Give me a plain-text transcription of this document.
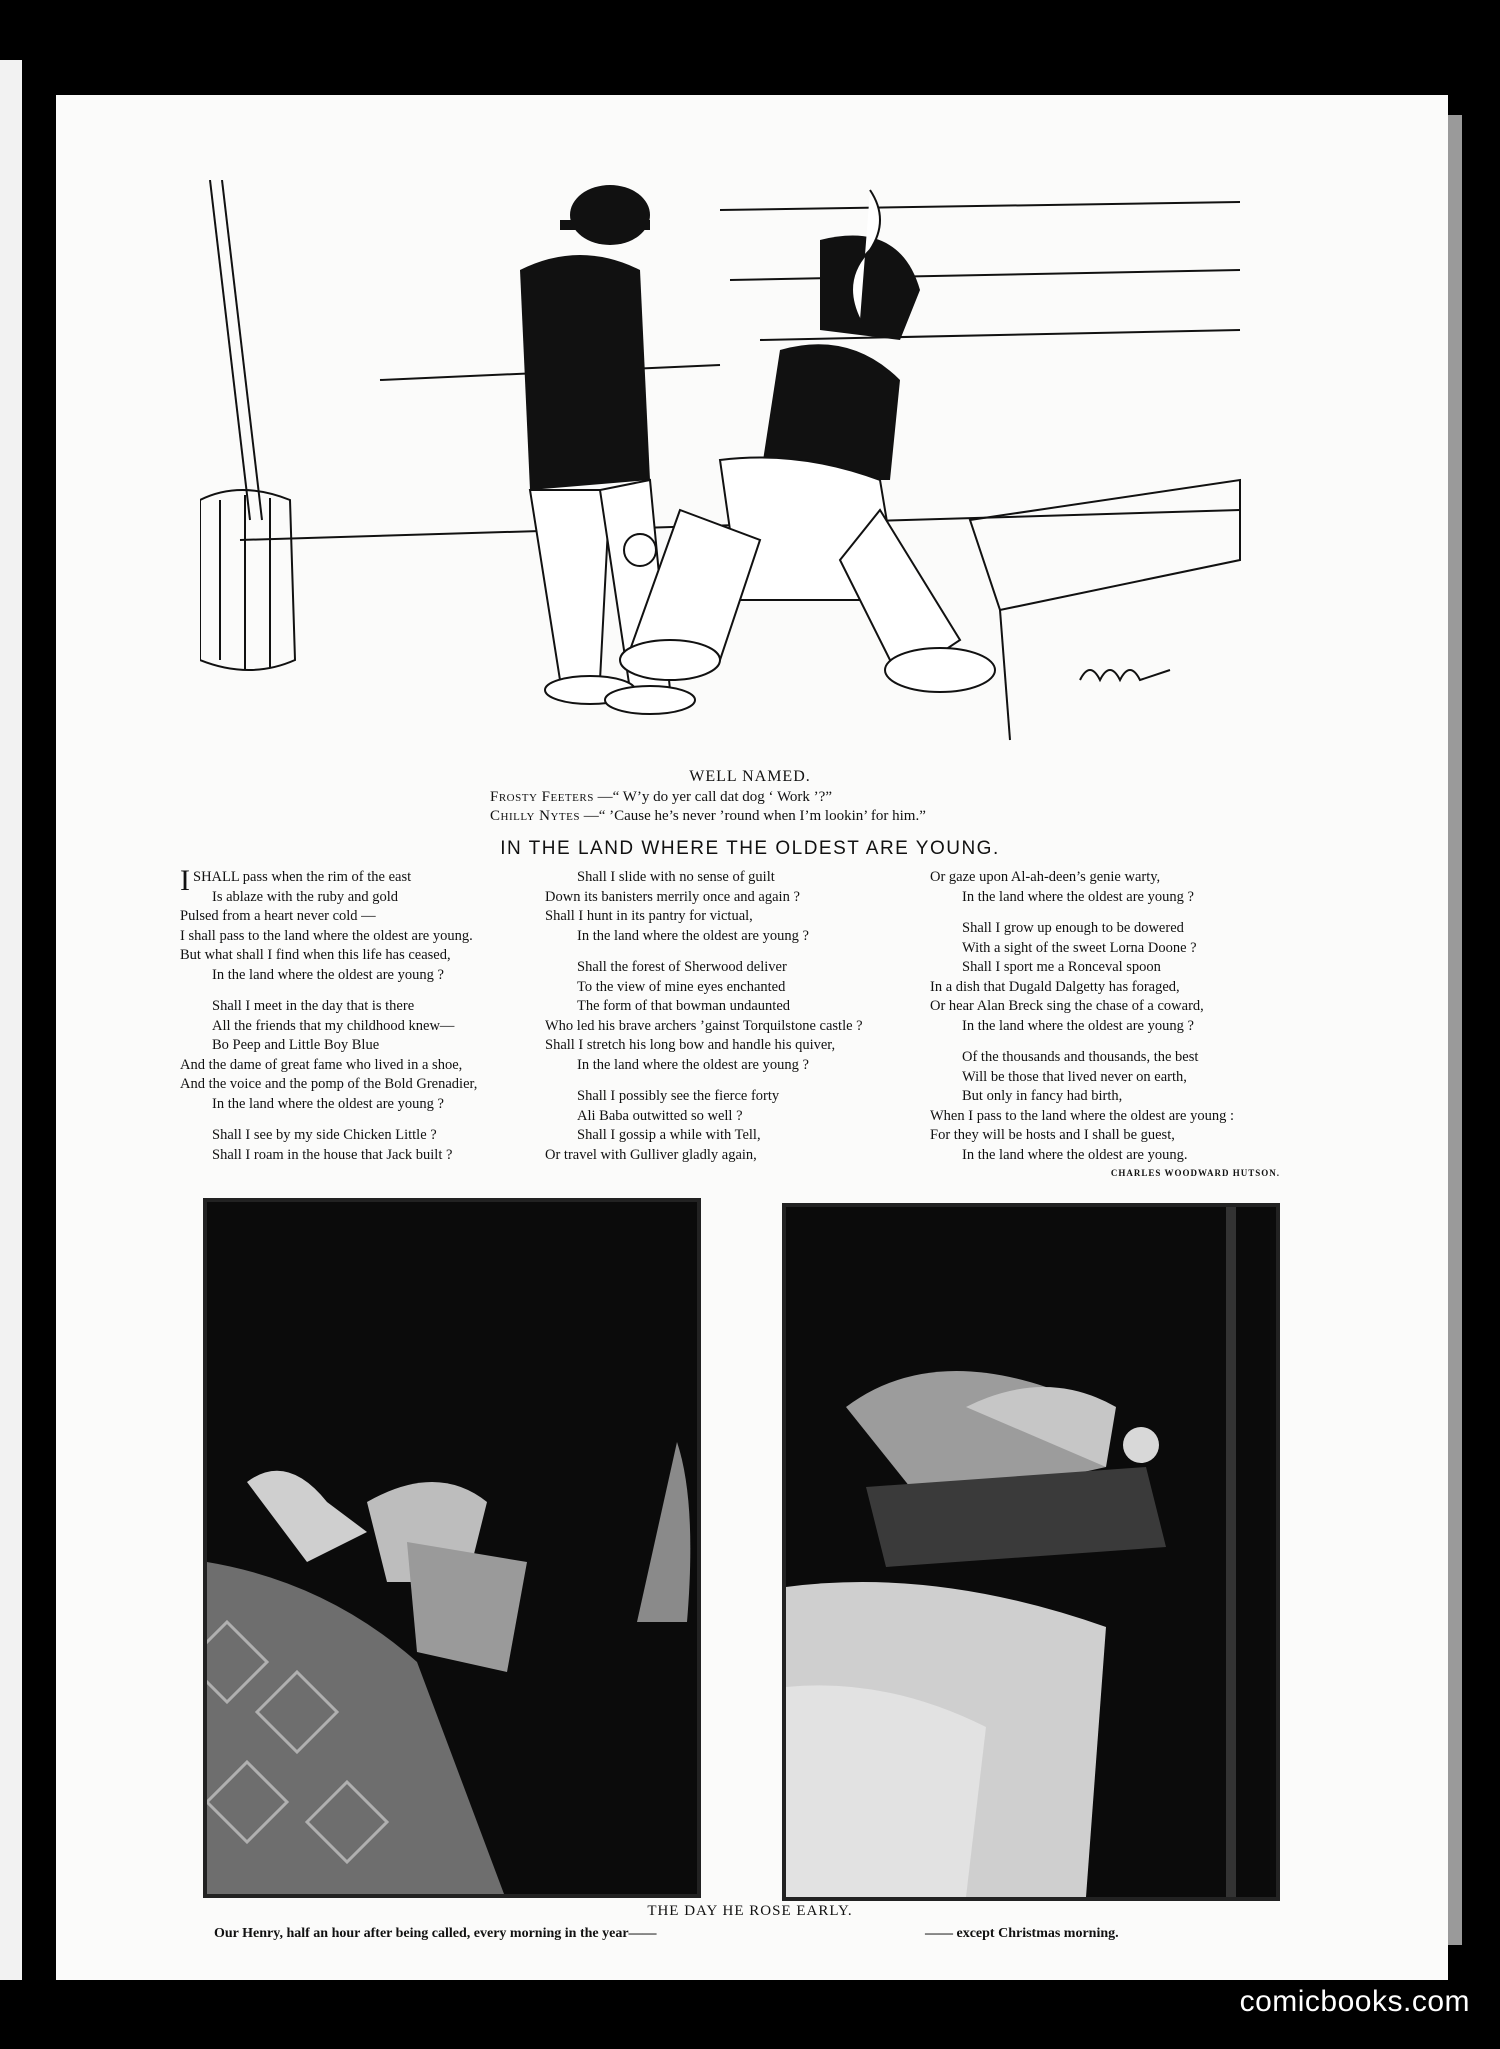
WELL NAMED.
Frosty Feeters —“ W’y do yer call dat dog ‘ Work ’?”
Chilly Nytes —“ ’Cause he’s never ’round when I’m lookin’ for him.”
IN THE LAND WHERE THE OLDEST ARE YOUNG.
ISHALL pass when the rim of the east
Is ablaze with the ruby and gold
Pulsed from a heart never cold —
I shall pass to the land where the oldest are young.
But what shall I find when this life has ceased,
In the land where the oldest are young ?
Shall I meet in the day that is there
All the friends that my childhood knew—
Bo Peep and Little Boy Blue
And the dame of great fame who lived in a shoe,
And the voice and the pomp of the Bold Grenadier,
In the land where the oldest are young ?
Shall I see by my side Chicken Little ?
Shall I roam in the house that Jack built ?
Shall I slide with no sense of guilt
Down its banisters merrily once and again ?
Shall I hunt in its pantry for victual,
In the land where the oldest are young ?
Shall the forest of Sherwood deliver
To the view of mine eyes enchanted
The form of that bowman undaunted
Who led his brave archers ’gainst Torquilstone castle ?
Shall I stretch his long bow and handle his quiver,
In the land where the oldest are young ?
Shall I possibly see the fierce forty
Ali Baba outwitted so well ?
Shall I gossip a while with Tell,
Or travel with Gulliver gladly again,
Or gaze upon Al-ah-deen’s genie warty,
In the land where the oldest are young ?
Shall I grow up enough to be dowered
With a sight of the sweet Lorna Doone ?
Shall I sport me a Ronceval spoon
In a dish that Dugald Dalgetty has foraged,
Or hear Alan Breck sing the chase of a coward,
In the land where the oldest are young ?
Of the thousands and thousands, the best
Will be those that lived never on earth,
But only in fancy had birth,
When I pass to the land where the oldest are young :
For they will be hosts and I shall be guest,
In the land where the oldest are young.
CHARLES WOODWARD HUTSON.
THE DAY HE ROSE EARLY.
Our Henry, half an hour after being called, every morning in the year——	—— except Christmas morning.
comicbooks.com
